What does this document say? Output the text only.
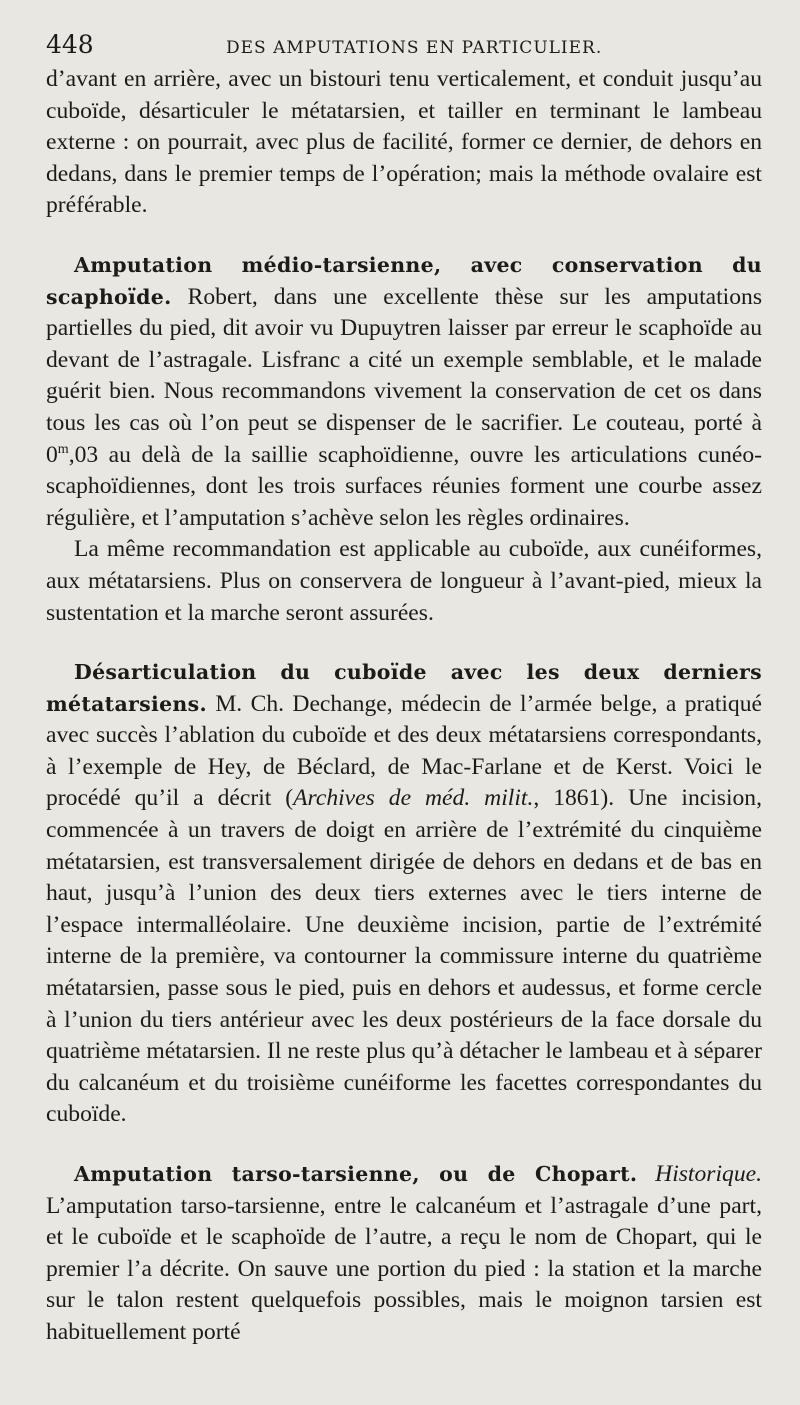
448	DES AMPUTATIONS EN PARTICULIER.

d’avant en arrière, avec un bistouri tenu verticalement, et conduit jusqu’au cuboïde, désarticuler le métatarsien, et tailler en terminant le lambeau externe : on pourrait, avec plus de facilité, former ce dernier, de dehors en dedans, dans le premier temps de l’opération; mais la méthode ovalaire est préférable.

Amputation médio-tarsienne, avec conservation du scaphoïde. Robert, dans une excellente thèse sur les amputations partielles du pied, dit avoir vu Dupuytren laisser par erreur le scaphoïde au devant de l’astragale. Lisfranc a cité un exemple semblable, et le malade guérit bien. Nous recommandons vivement la conservation de cet os dans tous les cas où l’on peut se dispenser de le sacrifier. Le couteau, porté à 0$^m$,03 au delà de la saillie scaphoïdienne, ouvre les articulations cunéo-scaphoïdiennes, dont les trois surfaces réunies forment une courbe assez régulière, et l’amputation s’achève selon les règles ordinaires.

La même recommandation est applicable au cuboïde, aux cunéiformes, aux métatarsiens. Plus on conservera de longueur à l’avant-pied, mieux la sustentation et la marche seront assurées.

Désarticulation du cuboïde avec les deux derniers métatarsiens. M. Ch. Dechange, médecin de l’armée belge, a pratiqué avec succès l’ablation du cuboïde et des deux métatarsiens correspondants, à l’exemple de Hey, de Béclard, de Mac-Farlane et de Kerst. Voici le procédé qu’il a décrit (Archives de méd. milit., 1861). Une incision, commencée à un travers de doigt en arrière de l’extrémité du cinquième métatarsien, est transversalement dirigée de dehors en dedans et de bas en haut, jusqu’à l’union des deux tiers externes avec le tiers interne de l’espace intermalléolaire. Une deuxième incision, partie de l’extrémité interne de la première, va contourner la commissure interne du quatrième métatarsien, passe sous le pied, puis en dehors et audessus, et forme cercle à l’union du tiers antérieur avec les deux postérieurs de la face dorsale du quatrième métatarsien. Il ne reste plus qu’à détacher le lambeau et à séparer du calcanéum et du troisième cunéiforme les facettes correspondantes du cuboïde.

Amputation tarso-tarsienne, ou de Chopart. Historique. L’amputation tarso-tarsienne, entre le calcanéum et l’astragale d’une part, et le cuboïde et le scaphoïde de l’autre, a reçu le nom de Chopart, qui le premier l’a décrite. On sauve une portion du pied : la station et la marche sur le talon restent quelquefois possibles, mais le moignon tarsien est habituellement porté
